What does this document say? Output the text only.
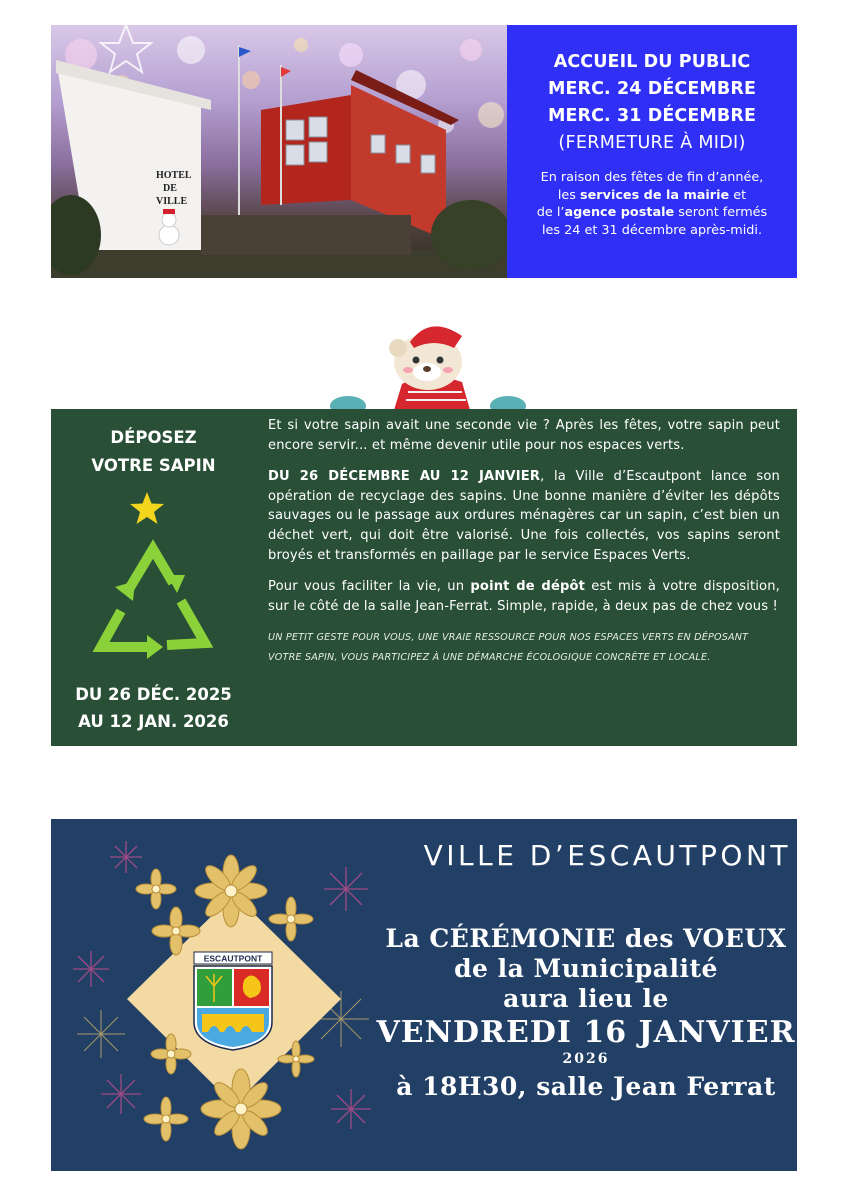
HOTEL
DE
VILLE
ACCUEIL DU PUBLIC
MERC. 24 DÉCEMBRE
MERC. 31 DÉCEMBRE
(FERMETURE À MIDI)
En raison des fêtes de fin d’année,
les services de la mairie et
de l’agence postale seront fermés
les 24 et 31 décembre après-midi.
DÉPOSEZ
VOTRE SAPIN
DU 26 DÉC. 2025
AU 12 JAN. 2026

Et si votre sapin avait une seconde vie ? Après les fêtes, votre sapin peut encore servir... et même devenir utile pour nos espaces verts.

DU 26 DÉCEMBRE AU 12 JANVIER, la Ville d’Escautpont lance son opération de recyclage des sapins. Une bonne manière d’éviter les dépôts sauvages ou le passage aux ordures ménagères car un sapin, c’est bien un déchet vert, qui doit être valorisé. Une fois collectés, vos sapins seront broyés et transformés en paillage par le service Espaces Verts.

Pour vous faciliter la vie, un point de dépôt est mis à votre disposition, sur le côté de la salle Jean-Ferrat. Simple, rapide, à deux pas de chez vous !

UN PETIT GESTE POUR VOUS, UNE VRAIE RESSOURCE POUR NOS ESPACES VERTS EN DÉPOSANT VOTRE SAPIN, VOUS PARTICIPEZ À UNE DÉMARCHE ÉCOLOGIQUE CONCRÈTE ET LOCALE.
ESCAUTPONT
VILLE D’ESCAUTPONT
La CÉRÉMONIE des VOEUX
de la Municipalité
aura lieu le
VENDREDI 16 JANVIER
2026
à 18H30, salle Jean Ferrat
